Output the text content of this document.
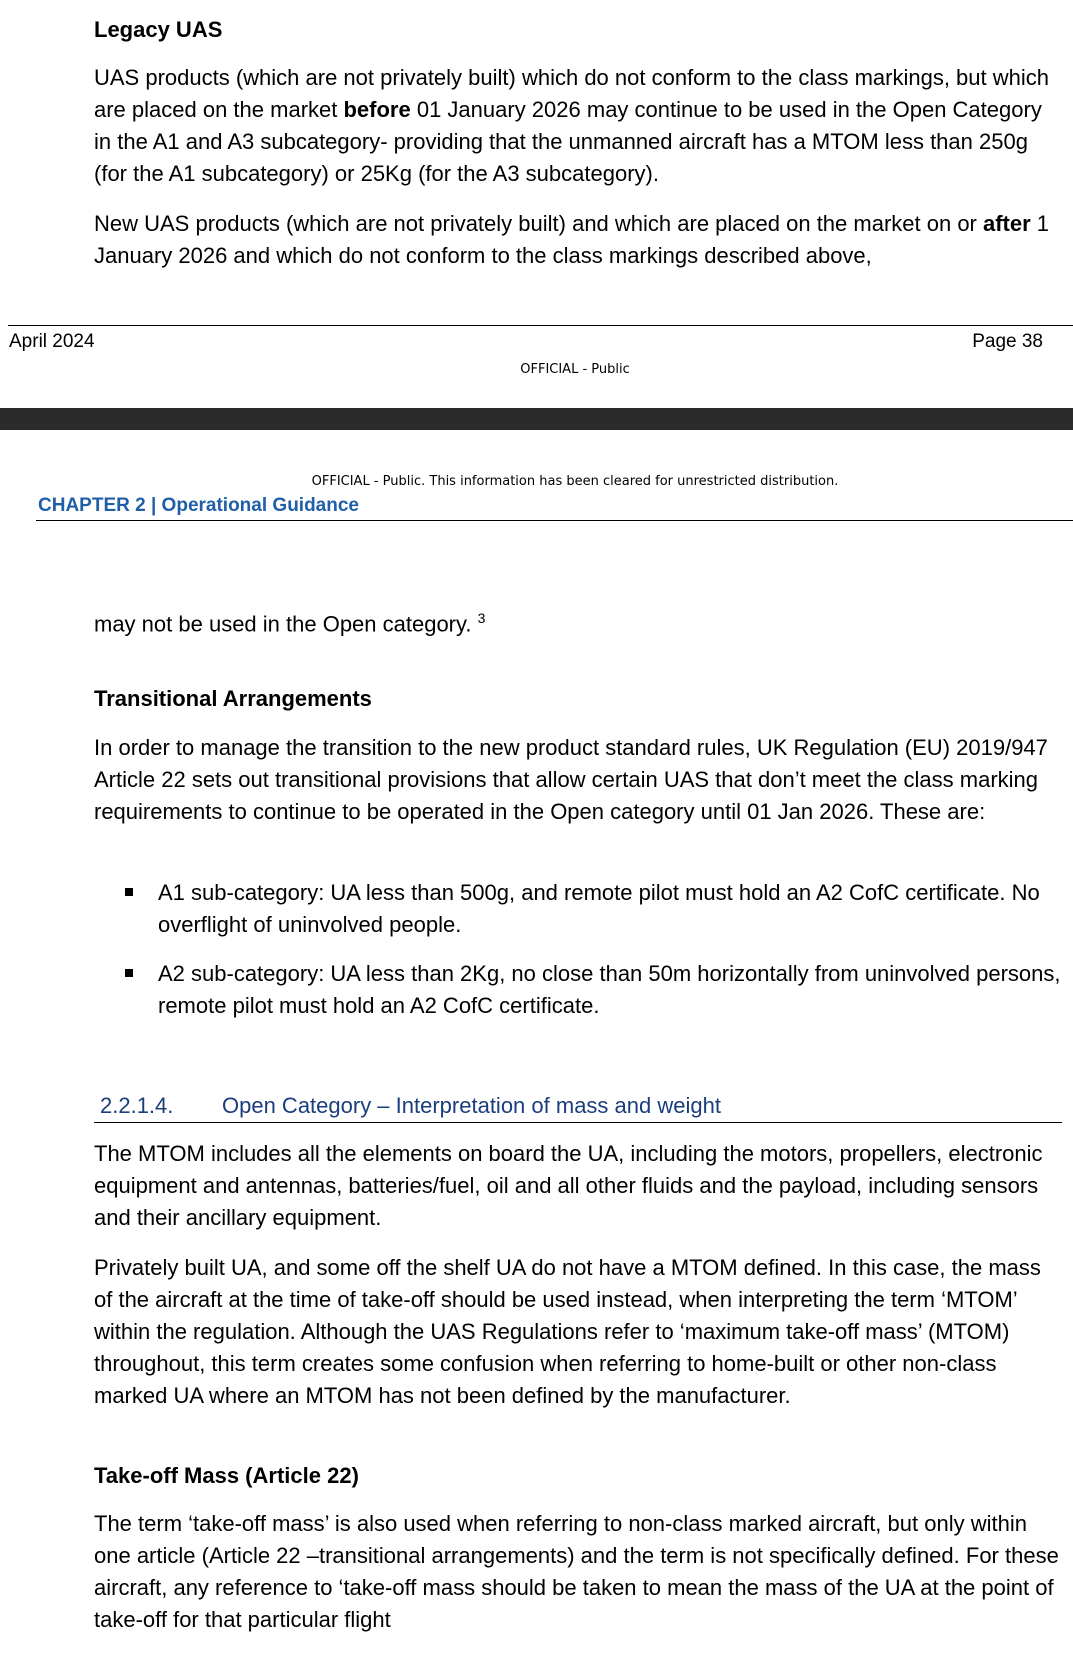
Legacy UAS

UAS products (which are not privately built) which do not conform to the class markings, but which are placed on the market before 01 January 2026 may continue to be used in the Open Category in the A1 and A3 subcategory- providing that the unmanned aircraft has a MTOM less than 250g (for the A1 subcategory) or 25Kg (for the A3 subcategory).

New UAS products (which are not privately built) and which are placed on the market on or after 1 January 2026 and which do not conform to the class markings described above,

April 2024	Page 38
OFFICIAL - Public
OFFICIAL - Public. This information has been cleared for unrestricted distribution.
CHAPTER 2 | Operational Guidance

may not be used in the Open category. $^3$

Transitional Arrangements

In order to manage the transition to the new product standard rules, UK Regulation (EU) 2019/947 Article 22 sets out transitional provisions that allow certain UAS that don’t meet the class marking requirements to continue to be operated in the Open category until 01 Jan 2026. These are:

A1 sub-category: UA less than 500g, and remote pilot must hold an A2 CofC certificate. No overflight of uninvolved people.

A2 sub-category: UA less than 2Kg, no close than 50m horizontally from uninvolved persons, remote pilot must hold an A2 CofC certificate.

2.2.1.4. Open Category – Interpretation of mass and weight

The MTOM includes all the elements on board the UA, including the motors, propellers, electronic equipment and antennas, batteries/fuel, oil and all other fluids and the payload, including sensors and their ancillary equipment.

Privately built UA, and some off the shelf UA do not have a MTOM defined. In this case, the mass of the aircraft at the time of take-off should be used instead, when interpreting the term ‘MTOM’ within the regulation. Although the UAS Regulations refer to ‘maximum take-off mass’ (MTOM) throughout, this term creates some confusion when referring to home-built or other non-class marked UA where an MTOM has not been defined by the manufacturer.

Take-off Mass (Article 22)

The term ‘take-off mass’ is also used when referring to non-class marked aircraft, but only within one article (Article 22 –transitional arrangements) and the term is not specifically defined. For these aircraft, any reference to ‘take-off mass should be taken to mean the mass of the UA at the point of take-off for that particular flight
